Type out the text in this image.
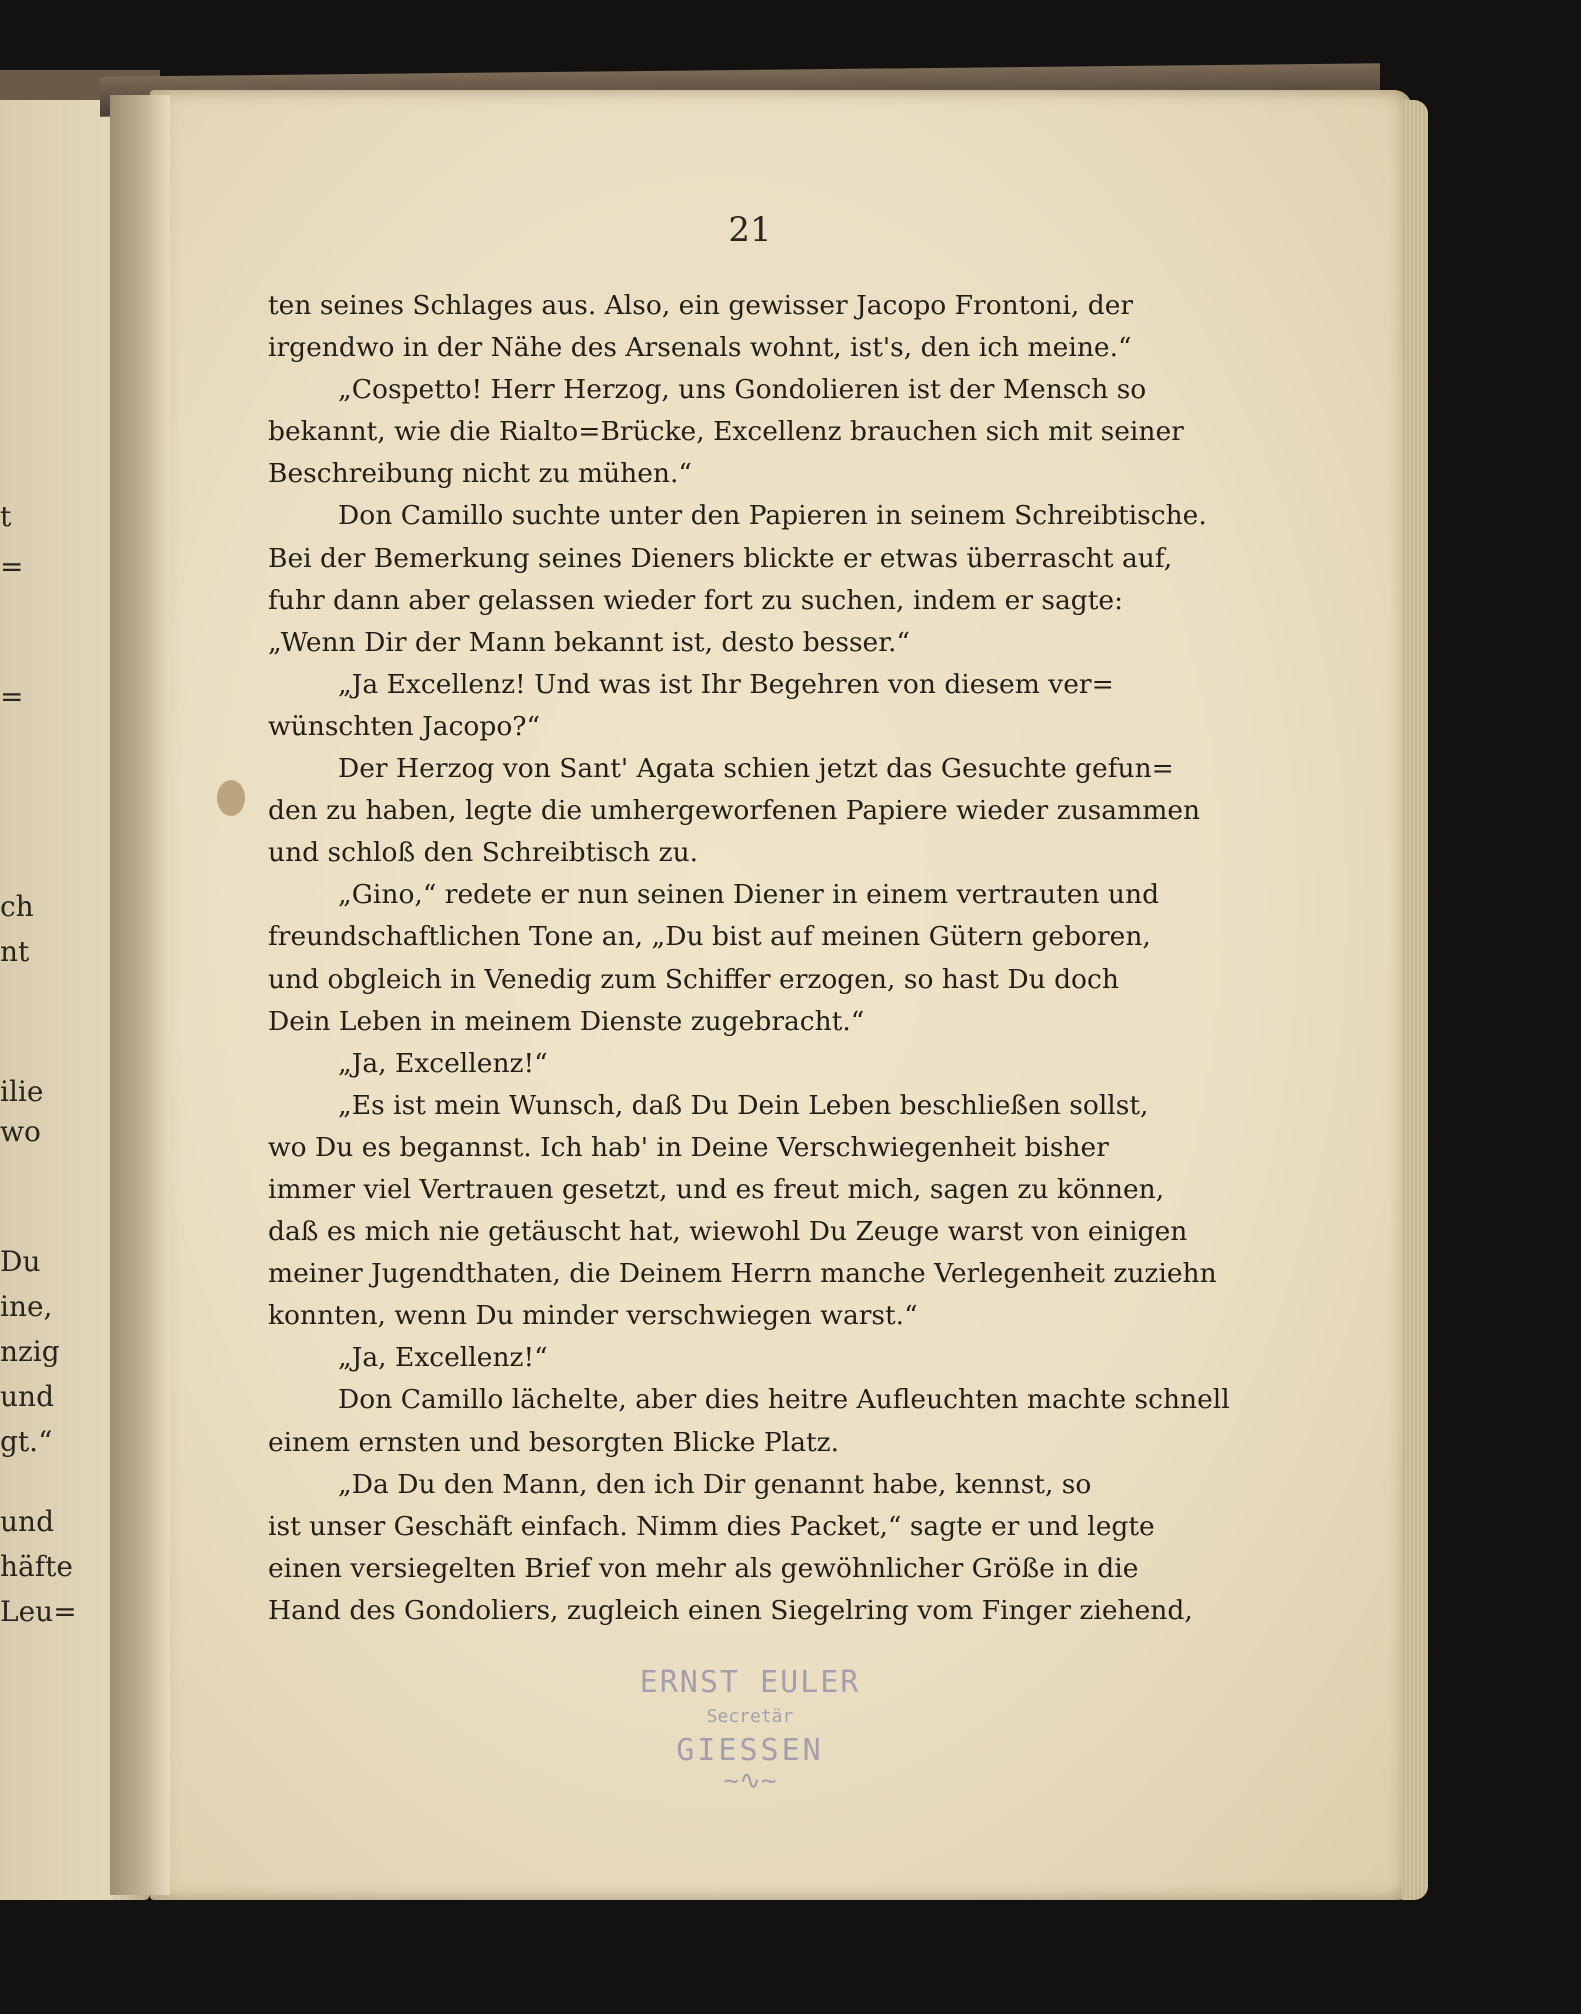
t
=
=
ch
nt
ilie
wo
Du
ine,
nzig
und
gt.“
und
häfte
Leu=
21
ten seines Schlages aus. Also, ein gewisser Jacopo Frontoni, der
irgendwo in der Nähe des Arsenals wohnt, ist's, den ich meine.“
„Cospetto! Herr Herzog, uns Gondolieren ist der Mensch so
bekannt, wie die Rialto=Brücke, Excellenz brauchen sich mit seiner
Beschreibung nicht zu mühen.“
Don Camillo suchte unter den Papieren in seinem Schreibtische.
Bei der Bemerkung seines Dieners blickte er etwas überrascht auf,
fuhr dann aber gelassen wieder fort zu suchen, indem er sagte:
„Wenn Dir der Mann bekannt ist, desto besser.“
„Ja Excellenz! Und was ist Ihr Begehren von diesem ver=
wünschten Jacopo?“
Der Herzog von Sant' Agata schien jetzt das Gesuchte gefun=
den zu haben, legte die umhergeworfenen Papiere wieder zusammen
und schloß den Schreibtisch zu.
„Gino,“ redete er nun seinen Diener in einem vertrauten und
freundschaftlichen Tone an, „Du bist auf meinen Gütern geboren,
und obgleich in Venedig zum Schiffer erzogen, so hast Du doch
Dein Leben in meinem Dienste zugebracht.“
„Ja, Excellenz!“
„Es ist mein Wunsch, daß Du Dein Leben beschließen sollst,
wo Du es begannst. Ich hab' in Deine Verschwiegenheit bisher
immer viel Vertrauen gesetzt, und es freut mich, sagen zu können,
daß es mich nie getäuscht hat, wiewohl Du Zeuge warst von einigen
meiner Jugendthaten, die Deinem Herrn manche Verlegenheit zuziehn
konnten, wenn Du minder verschwiegen warst.“
„Ja, Excellenz!“
Don Camillo lächelte, aber dies heitre Aufleuchten machte schnell
einem ernsten und besorgten Blicke Platz.
„Da Du den Mann, den ich Dir genannt habe, kennst, so
ist unser Geschäft einfach. Nimm dies Packet,“ sagte er und legte
einen versiegelten Brief von mehr als gewöhnlicher Größe in die
Hand des Gondoliers, zugleich einen Siegelring vom Finger ziehend,
ERNST EULER
Secretär
GIESSEN
~∿~
